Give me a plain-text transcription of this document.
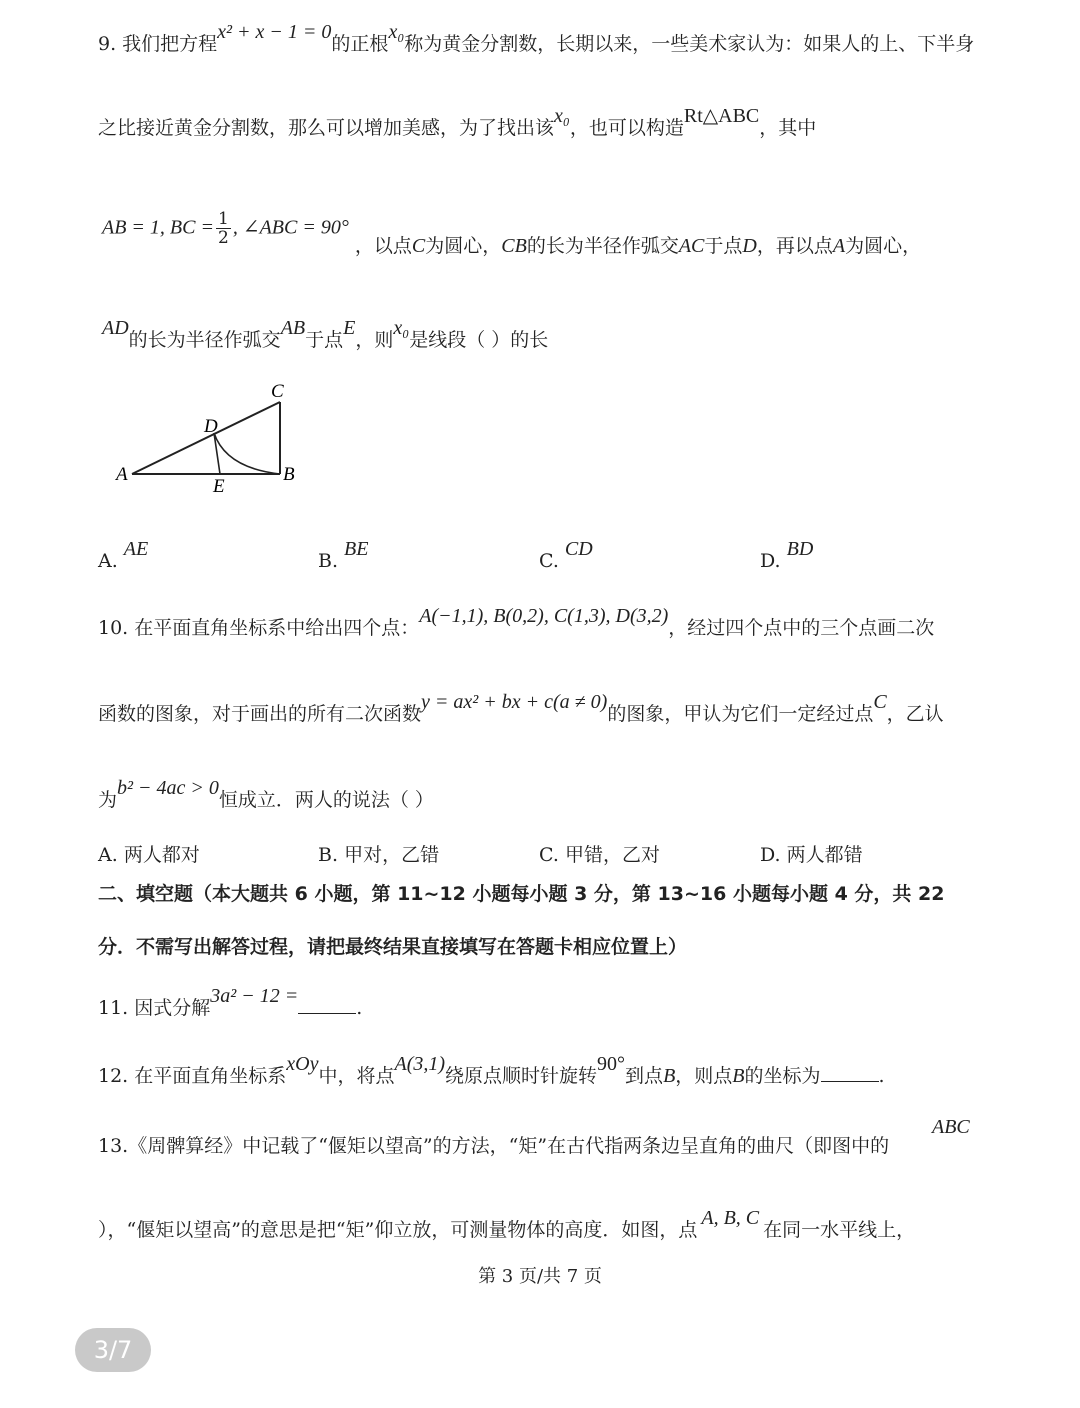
9. 我们把方程x² + x − 1 = 0的正根x₀称为黄金分割数，长期以来，一些美术家认为：如果人的上、下半身
之比接近黄金分割数，那么可以增加美感，为了找出该x₀，也可以构造Rt△ABC，其中
AB = 1, BC = $\frac{1}{2}$ , ∠ABC = 90° ，以点C为圆心，CB的长为半径作弧交AC于点D，再以点A为圆心，
AD的长为半径作弧交AB于点E，则x₀是线段（ ）的长
A	B
C
D
E
A.AE
B.BE
C.CD
D.BD
10. 在平面直角坐标系中给出四个点：A(−1,1), B(0,2), C(1,3), D(3,2)，经过四个点中的三个点画二次
函数的图象，对于画出的所有二次函数y = ax² + bx + c(a ≠ 0)的图象，甲认为它们一定经过点C，乙认
为b² − 4ac > 0恒成立．两人的说法（ ）
A. 两人都对	B. 甲对，乙错	C. 甲错，乙对	D. 两人都错
二、填空题（本大题共 6 小题，第 11~12 小题每小题 3 分，第 13~16 小题每小题 4 分，共 22
分．不需写出解答过程，请把最终结果直接填写在答题卡相应位置上）
11. 因式分解3a² − 12 =.
12. 在平面直角坐标系xOy中，将点A(3,1)绕原点顺时针旋转90°到点B，则点B的坐标为	.
13.《周髀算经》中记载了“偃矩以望高”的方法，“矩”在古代指两条边呈直角的曲尺（即图中的
ABC
），“偃矩以望高”的意思是把“矩”仰立放，可测量物体的高度．如图，点A, B, C在同一水平线上，
第 3 页/共 7 页
3/7
